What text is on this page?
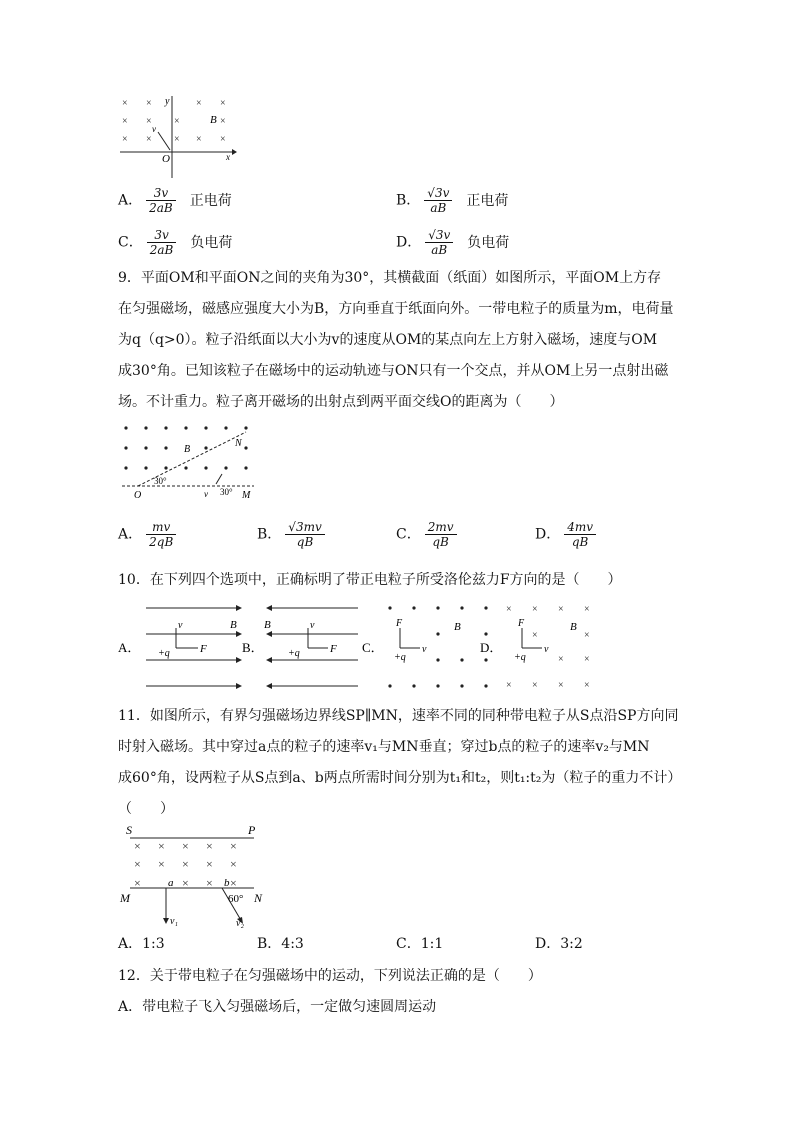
× ×	× ×
× × ×	×
× × × × ×
y
B
v
O	x
A． $\frac{3v}{2aB}$ 正电荷	B． $\frac{√3v}{aB}$ 正电荷
C． $\frac{3v}{2aB}$ 负电荷	D． $\frac{√3v}{aB}$ 负电荷
9．平面OM和平面ON之间的夹角为30°，其横截面（纸面）如图所示，平面OM上方存
在匀强磁场，磁感应强度大小为B，方向垂直于纸面向外。一带电粒子的质量为m，电荷量
为q（q>0）。粒子沿纸面以大小为v的速度从OM的某点向左上方射入磁场，速度与OM
成30°角。已知该粒子在磁场中的运动轨迹与ON只有一个交点，并从OM上另一点射出磁
场。不计重力。粒子离开磁场的出射点到两平面交线O的距离为（　　）
B
N
O
30°
v 30° M
A． $\frac{mv}{2qB}$	B． $\frac{√3mv}{qB}$	C． $\frac{2mv}{qB}$	D． $\frac{4mv}{qB}$
10．在下列四个选项中，正确标明了带正电粒子所受洛伦兹力F方向的是（　　）
A．
v
+q	F
B
B．
v
+q	F
B
C．
F
v
+q
B
D．
× × × ×
×	×
× ×
× × × ×
F
v
+q
B
11．如图所示，有界匀强磁场边界线SP∥MN，速率不同的同种带电粒子从S点沿SP方向同
时射入磁场。其中穿过a点的粒子的速率v₁与MN垂直；穿过b点的粒子的速率v₂与MN
成60°角，设两粒子从S点到a、b两点所需时间分别为t₁和t₂，则t₁:t₂为（粒子的重力不计）
（　　）
S	P
× × × × ×
× × × × ×
×	× × ×
M	N
a	b
v₁	v₂
60°
A．1:3	B．4:3	C．1:1	D．3:2
12．关于带电粒子在匀强磁场中的运动，下列说法正确的是（　　）
A．带电粒子飞入匀强磁场后，一定做匀速圆周运动
